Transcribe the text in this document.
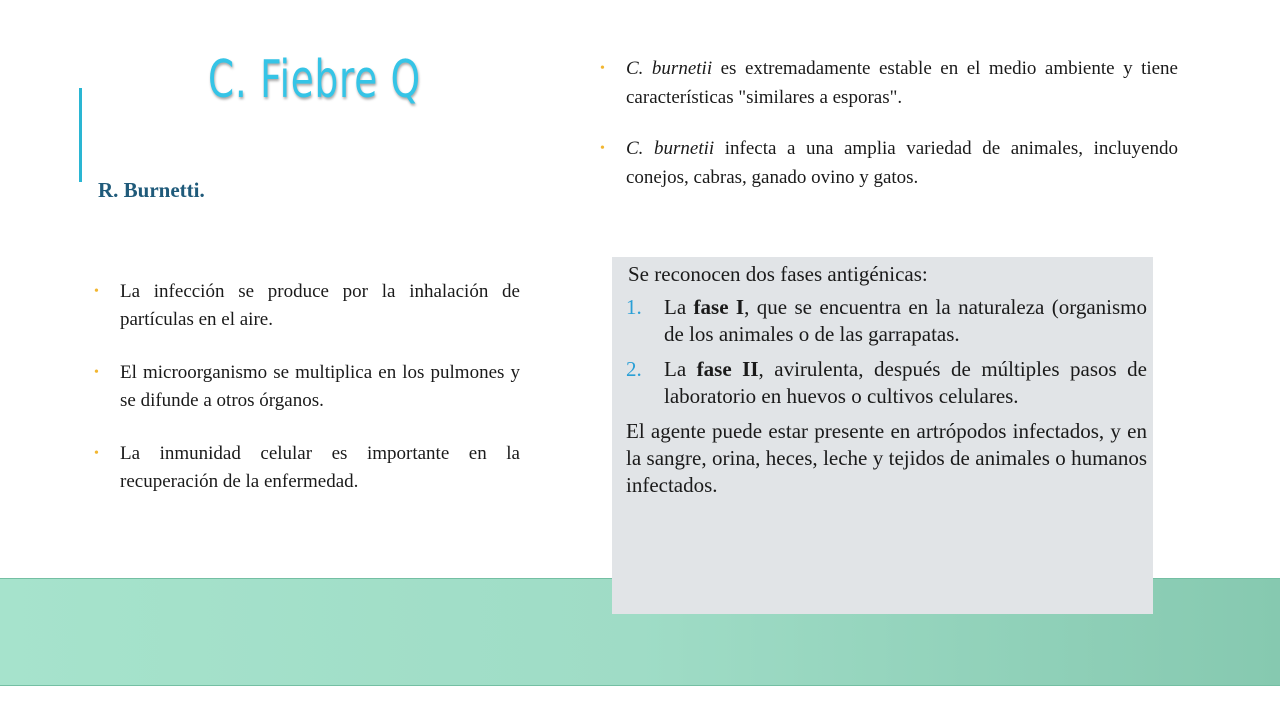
C. Fiebre Q
R. Burnetti.
• La infección se produce por la inhalación de partículas en el aire.
• El microorganismo se multiplica en los pulmones y se difunde a otros órganos.
• La inmunidad celular es importante en la recuperación de la enfermedad.
• C. burnetii es extremadamente estable en el medio ambiente y tiene características "similares a esporas".
• C. burnetii infecta a una amplia variedad de animales, incluyendo conejos, cabras, ganado ovino y gatos.

Se reconocen dos fases antigénicas:

1. La fase I, que se encuentra en la naturaleza (organismo de los animales o de las garrapatas.
2. La fase II, avirulenta, después de múltiples pasos de laboratorio en huevos o cultivos celulares.

El agente puede estar presente en artrópodos infectados, y en la sangre, orina, heces, leche y tejidos de animales o humanos infectados.
